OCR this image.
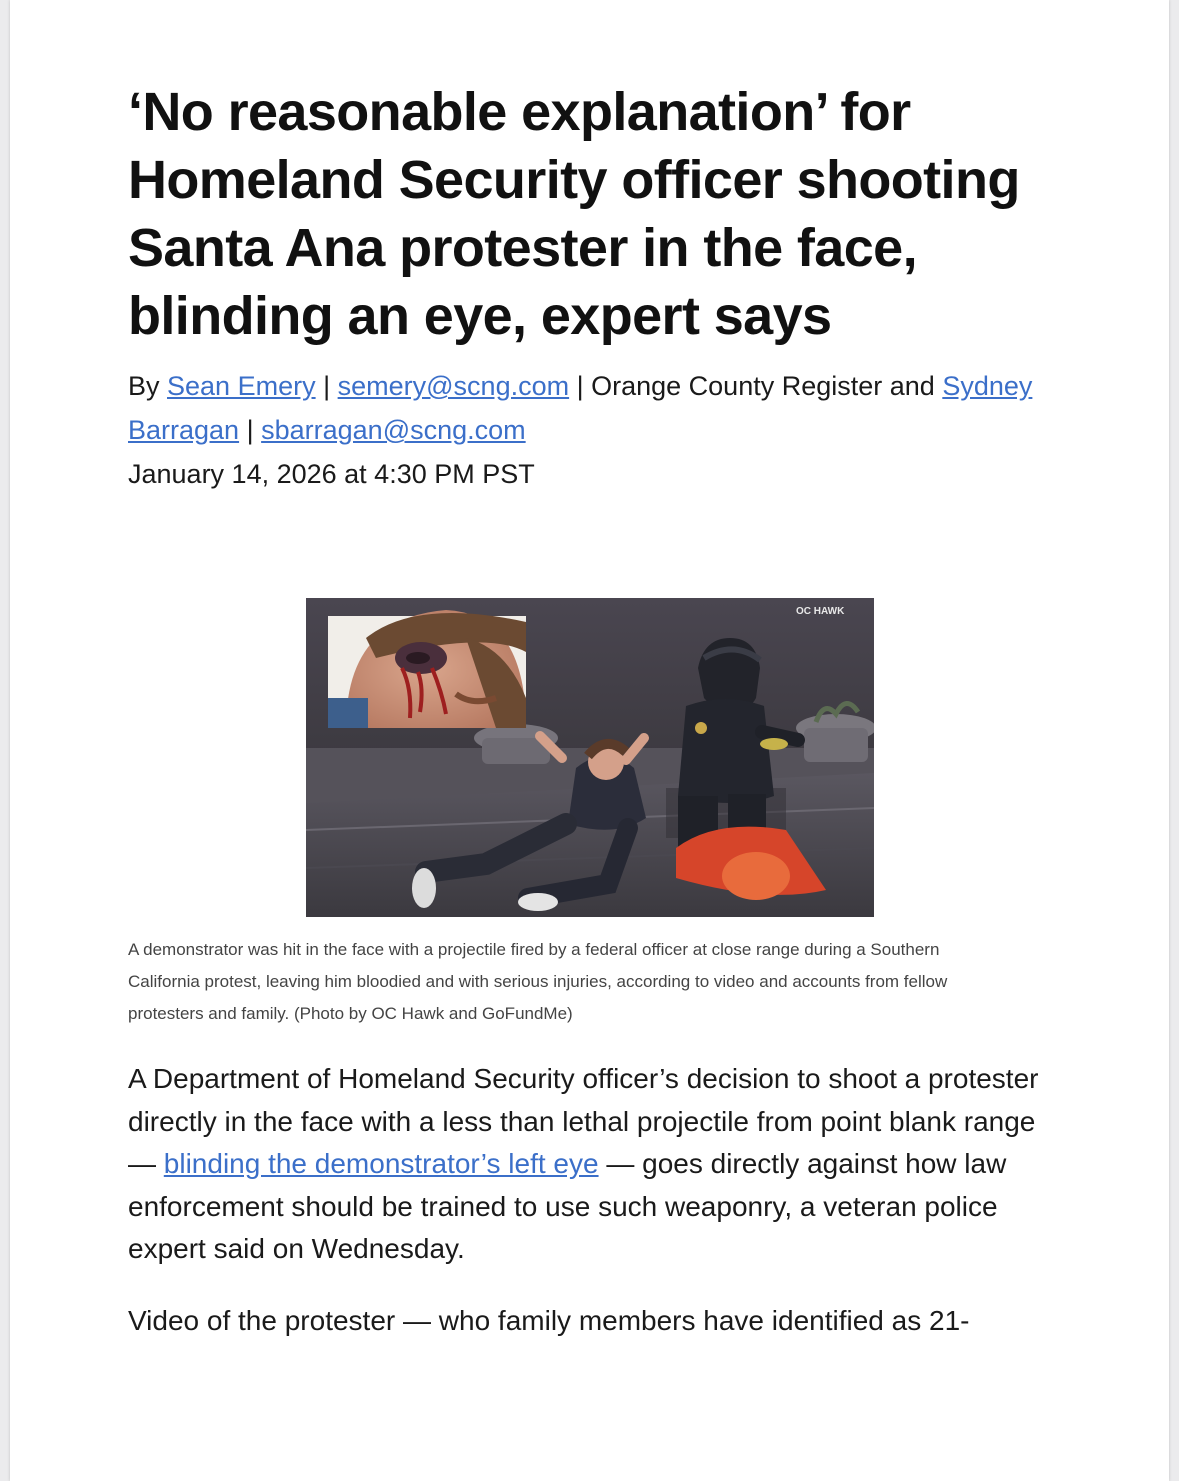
‘No reasonable explanation’ for Homeland Security officer shooting Santa Ana protester in the face, blinding an eye, expert says
By Sean Emery | semery@scng.com | Orange County Register and Sydney Barragan | sbarragan@scng.com
January 14, 2026 at 4:30 PM PST
OC HAWK

A demonstrator was hit in the face with a projectile fired by a federal officer at close range during a Southern California protest, leaving him bloodied and with serious injuries, according to video and accounts from fellow protesters and family. (Photo by OC Hawk and GoFundMe)

A Department of Homeland Security officer’s decision to shoot a protester directly in the face with a less than lethal projectile from point blank range — blinding the demonstrator’s left eye — goes directly against how law enforcement should be trained to use such weaponry, a veteran police expert said on Wednesday.

Video of the protester — who family members have identified as 21-
